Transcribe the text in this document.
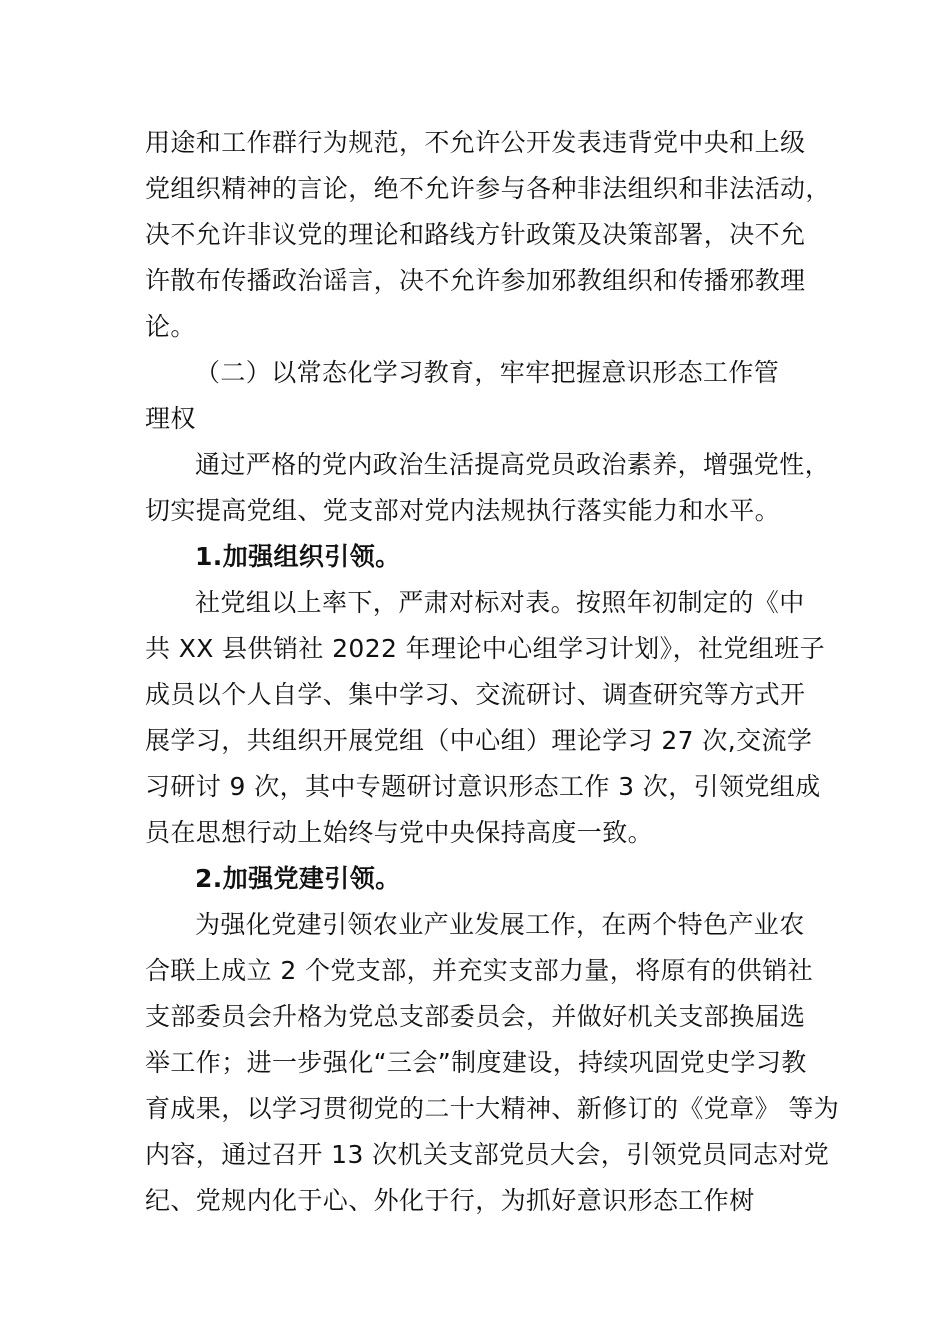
用途和工作群行为规范，不允许公开发表违背党中央和上级
党组织精神的言论，绝不允许参与各种非法组织和非法活动，
决不允许非议党的理论和路线方针政策及决策部署，决不允
许散布传播政治谣言，决不允许参加邪教组织和传播邪教理
论。
（二）以常态化学习教育，牢牢把握意识形态工作管
理权
通过严格的党内政治生活提高党员政治素养，增强党性，
切实提高党组、党支部对党内法规执行落实能力和水平。
1.加强组织引领。
社党组以上率下，严肃对标对表。按照年初制定的《中
共 XX 县供销社 2022 年理论中心组学习计划》，社党组班子
成员以个人自学、集中学习、交流研讨、调查研究等方式开
展学习，共组织开展党组（中心组）理论学习 27 次,交流学
习研讨 9 次，其中专题研讨意识形态工作 3 次，引领党组成
员在思想行动上始终与党中央保持高度一致。
2.加强党建引领。
为强化党建引领农业产业发展工作，在两个特色产业农
合联上成立 2 个党支部，并充实支部力量，将原有的供销社
支部委员会升格为党总支部委员会，并做好机关支部换届选
举工作；进一步强化“三会”制度建设，持续巩固党史学习教
育成果，以学习贯彻党的二十大精神、新修订的《党章》 等为
内容，通过召开 13 次机关支部党员大会，引领党员同志对党
纪、党规内化于心、外化于行，为抓好意识形态工作树
